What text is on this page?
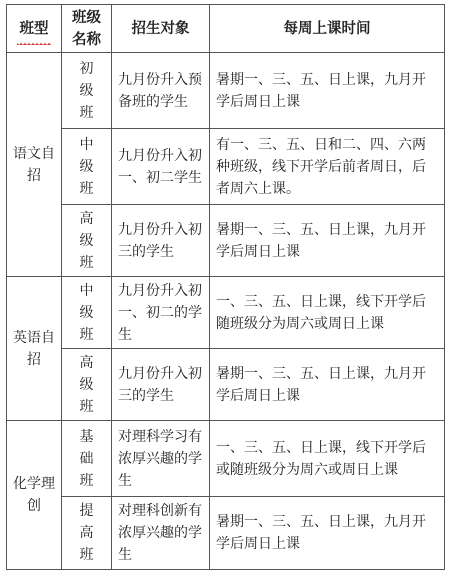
班型	班级名称	招生对象	每周上课时间
语文自招	初级班	九月份升入预备班的学生	暑期一、三、五、日上课，九月开学后周日上课
	中级班	九月份升入初一、初二学生	有一、三、五、日和二、四、六两种班级，线下开学后前者周日，后者周六上课。
	高级班	九月份升入初三的学生	暑期一、三、五、日上课，九月开学后周日上课
英语自招	中级班	九月份升入初一、初二的学生	一、三、五、日上课，线下开学后随班级分为周六或周日上课
	高级班	九月份升入初三的学生	暑期一、三、五、日上课，九月开学后周日上课
化学理创	基础班	对理科学习有浓厚兴趣的学生	一、三、五、日上课，线下开学后或随班级分为周六或周日上课
	提高班	对理科创新有浓厚兴趣的学生	暑期一、三、五、日上课，九月开学后周日上课
